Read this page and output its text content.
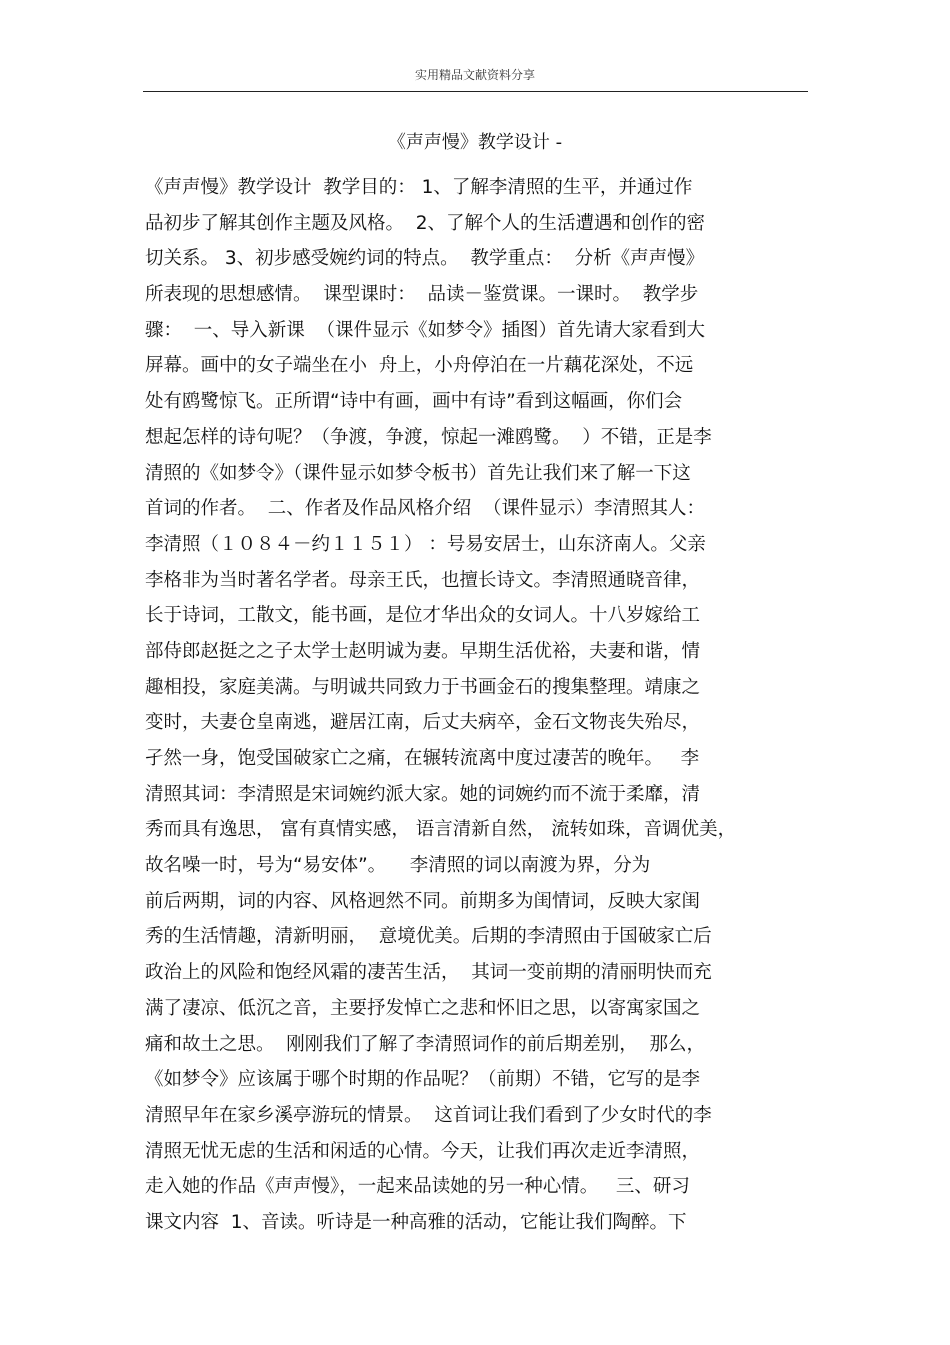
实用精品文献资料分享
《声声慢》教学设计 -
《声声慢》教学设计  教学目的： 1、了解李清照的生平，并通过作
品初步了解其创作主题及风格。  2、了解个人的生活遭遇和创作的密
切关系。 3、初步感受婉约词的特点。  教学重点：  分析《声声慢》
所表现的思想感情。  课型课时：  品读－鉴赏课。一课时。  教学步
骤：  一、导入新课  （课件显示《如梦令》插图）首先请大家看到大
屏幕。画中的女子端坐在小  舟上，小舟停泊在一片藕花深处，不远
处有鸥鹭惊飞。正所谓“诗中有画，画中有诗”看到这幅画，你们会
想起怎样的诗句呢？（争渡，争渡，惊起一滩鸥鹭。  ）不错，正是李
清照的《如梦令》（课件显示如梦令板书）首先让我们来了解一下这
首词的作者。  二、作者及作品风格介绍  （课件显示）李清照其人：
李清照（１０８４－约１１５１） ：号易安居士，山东济南人。父亲
李格非为当时著名学者。母亲王氏，也擅长诗文。李清照通晓音律，
长于诗词，工散文，能书画，是位才华出众的女词人。十八岁嫁给工
部侍郎赵挺之之子太学士赵明诚为妻。早期生活优裕，夫妻和谐，情
趣相投，家庭美满。与明诚共同致力于书画金石的搜集整理。靖康之
变时，夫妻仓皇南逃，避居江南，后丈夫病卒，金石文物丧失殆尽，
孑然一身，饱受国破家亡之痛，在辗转流离中度过凄苦的晚年。   李
清照其词：李清照是宋词婉约派大家。她的词婉约而不流于柔靡，清
秀而具有逸思， 富有真情实感， 语言清新自然， 流转如珠，音调优美，
故名噪一时，号为“易安体”。    李清照的词以南渡为界，分为
前后两期，词的内容、风格迥然不同。前期多为闺情词，反映大家闺
秀的生活情趣，清新明丽，  意境优美。后期的李清照由于国破家亡后
政治上的风险和饱经风霜的凄苦生活，  其词一变前期的清丽明快而充
满了凄凉、低沉之音，主要抒发悼亡之悲和怀旧之思，以寄寓家国之
痛和故土之思。  刚刚我们了解了李清照词作的前后期差别，  那么，
《如梦令》应该属于哪个时期的作品呢？（前期）不错，它写的是李
清照早年在家乡溪亭游玩的情景。  这首词让我们看到了少女时代的李
清照无忧无虑的生活和闲适的心情。今天，让我们再次走近李清照，
走入她的作品《声声慢》，一起来品读她的另一种心情。   三、研习
课文内容  1、音读。听诗是一种高雅的活动，它能让我们陶醉。下
